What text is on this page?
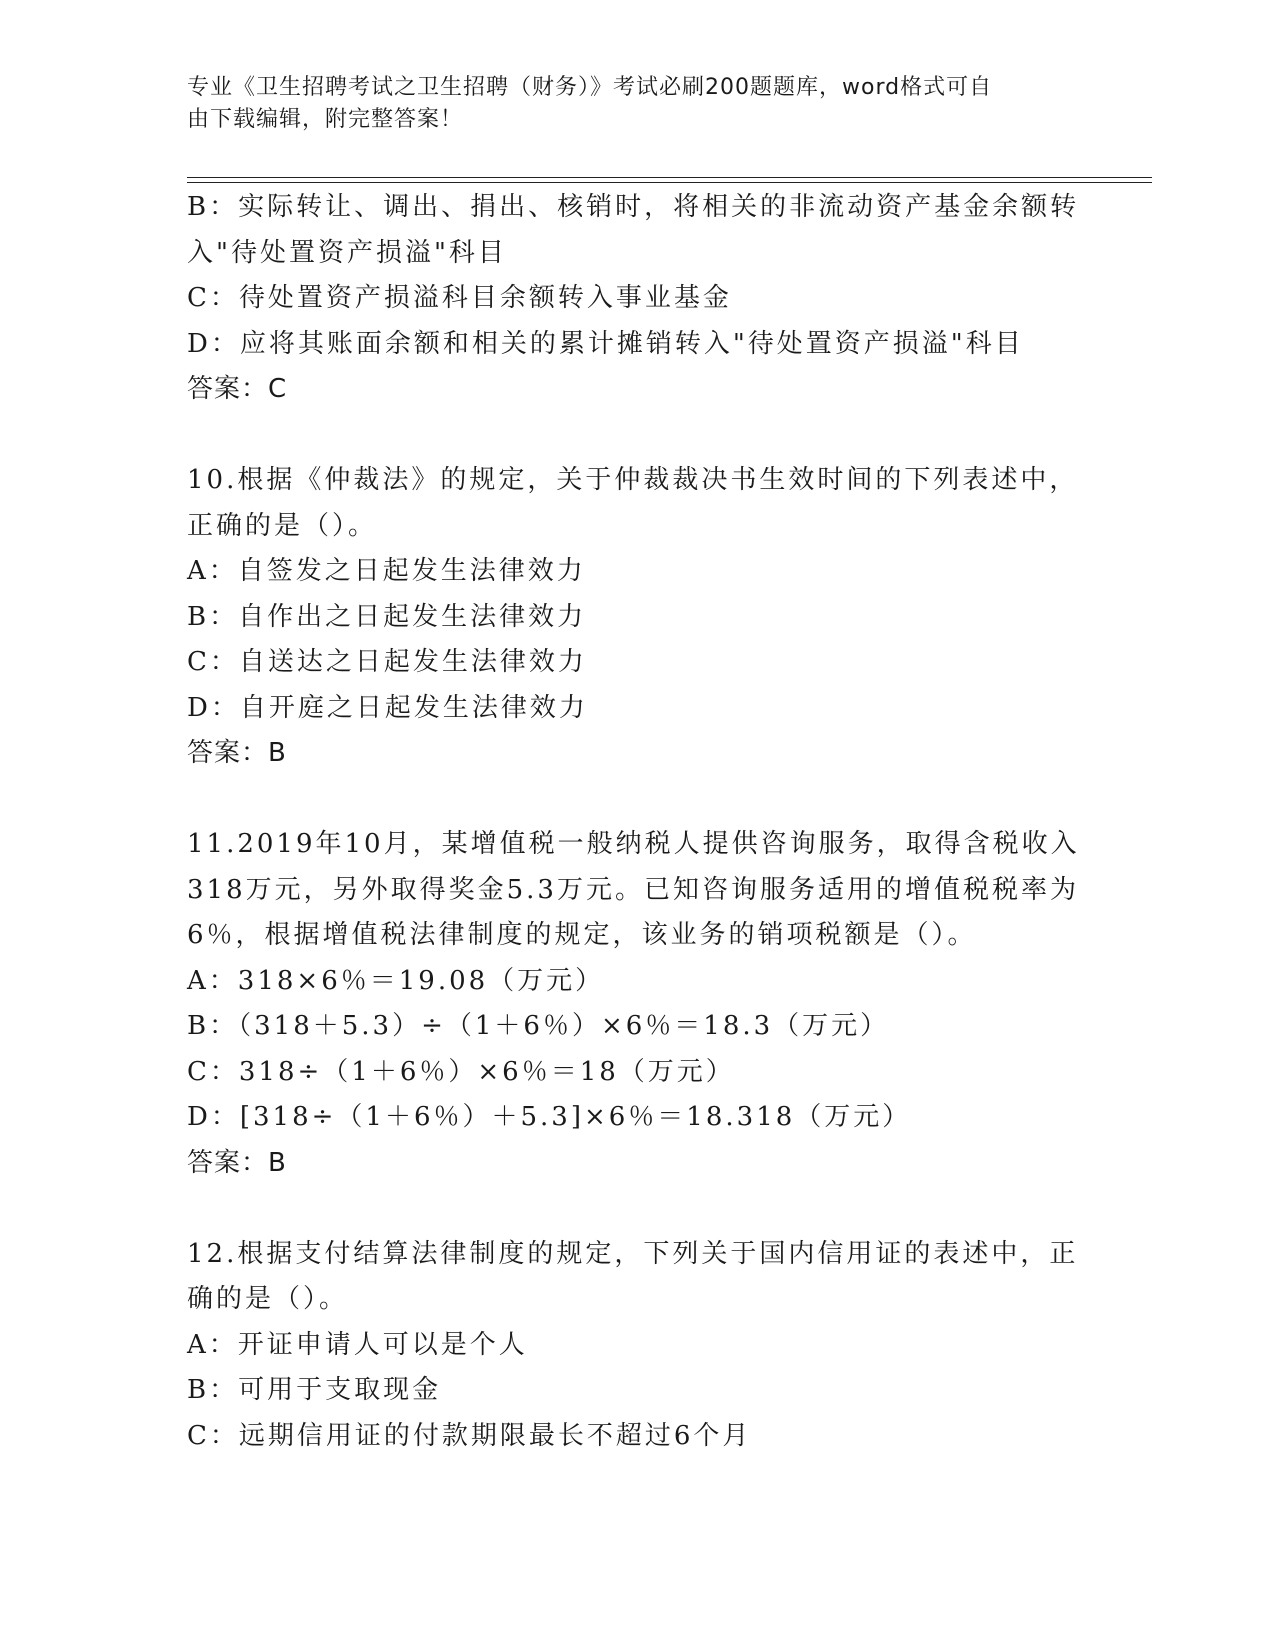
专业《卫生招聘考试之卫生招聘（财务）》考试必刷200题题库，word格式可自
由下载编辑，附完整答案！
B：实际转让、调出、捐出、核销时，将相关的非流动资产基金余额转
入"待处置资产损溢"科目
C：待处置资产损溢科目余额转入事业基金
D：应将其账面余额和相关的累计摊销转入"待处置资产损溢"科目
答案：C
10.根据《仲裁法》的规定，关于仲裁裁决书生效时间的下列表述中，
正确的是（）。
A：自签发之日起发生法律效力
B：自作出之日起发生法律效力
C：自送达之日起发生法律效力
D：自开庭之日起发生法律效力
答案：B
11.2019年10月，某增值税一般纳税人提供咨询服务，取得含税收入
318万元，另外取得奖金5.3万元。已知咨询服务适用的增值税税率为
6％，根据增值税法律制度的规定，该业务的销项税额是（）。
A：318×6％＝19.08（万元）
B：（318＋5.3）÷（1＋6％）×6％＝18.3（万元）
C：318÷（1＋6％）×6％＝18（万元）
D：[318÷（1＋6％）＋5.3]×6％＝18.318（万元）
答案：B
12.根据支付结算法律制度的规定，下列关于国内信用证的表述中，正
确的是（）。
A：开证申请人可以是个人
B：可用于支取现金
C：远期信用证的付款期限最长不超过6个月
